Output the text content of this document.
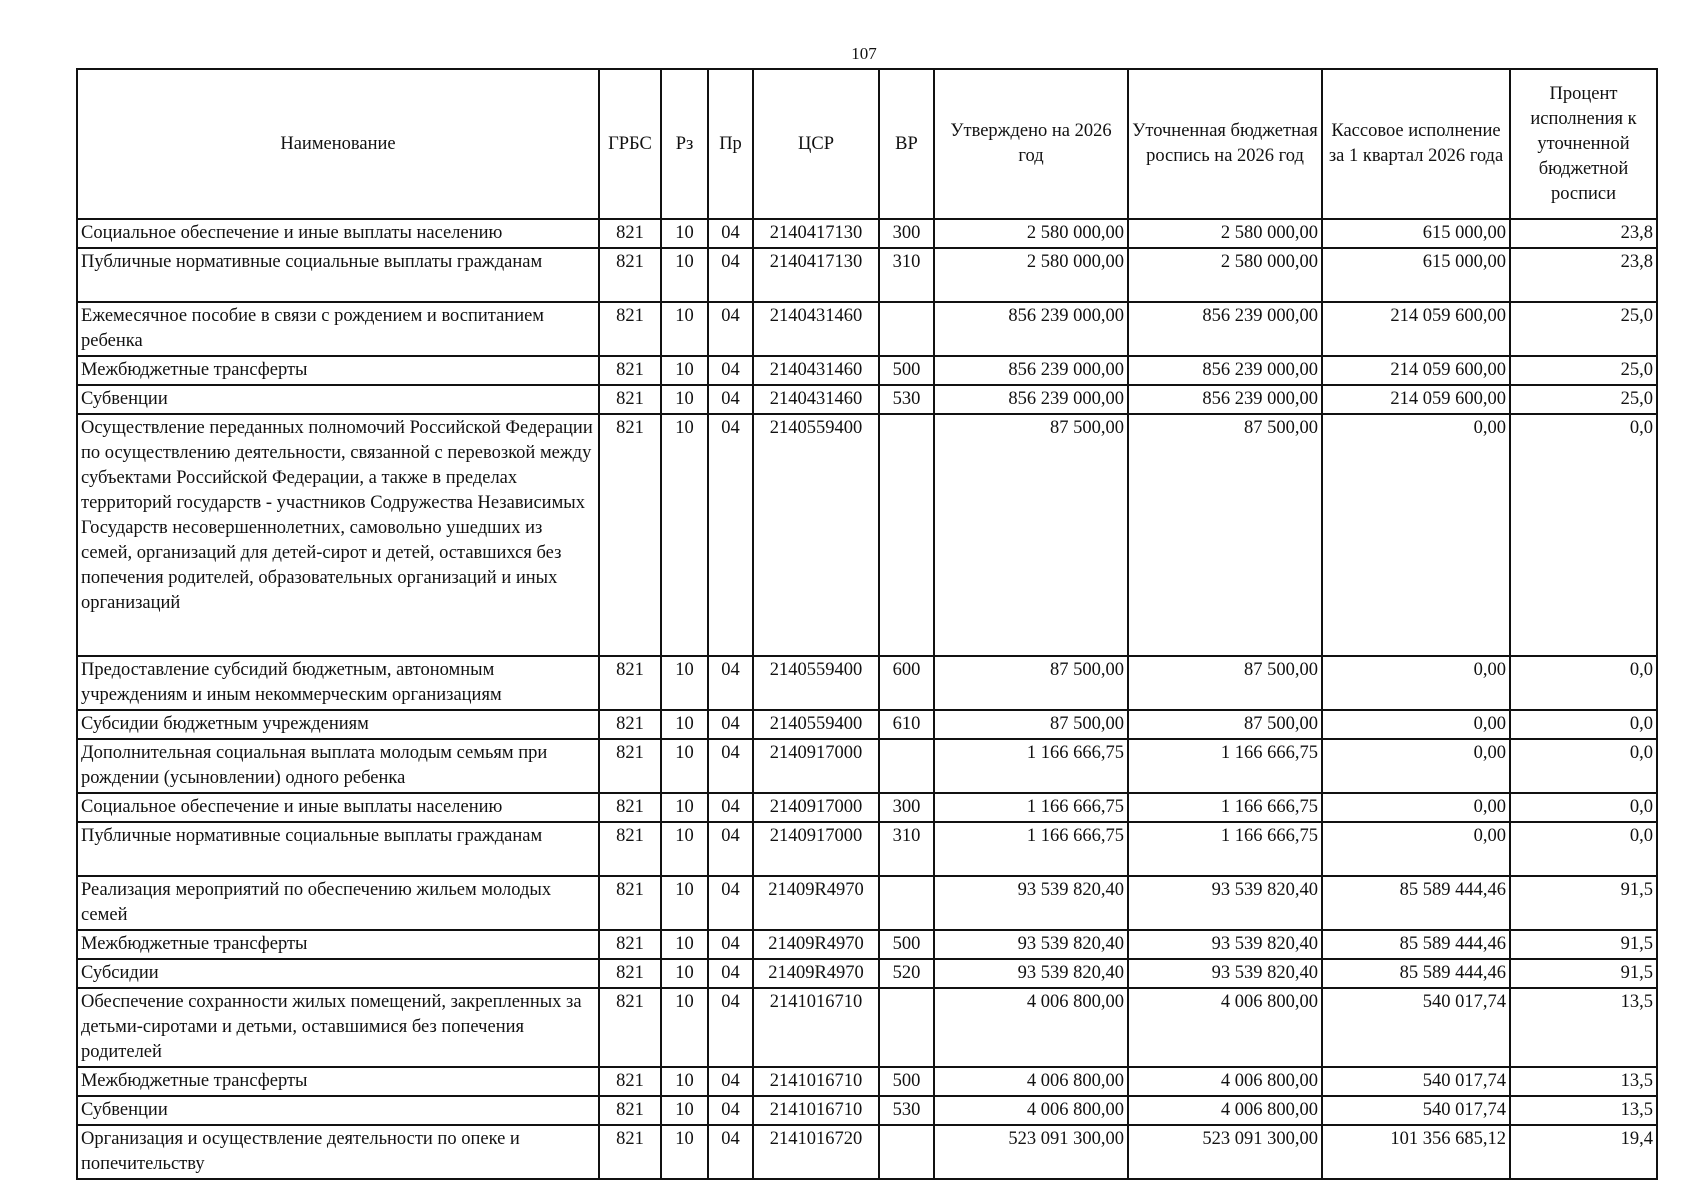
107
Наименование	ГРБС	Рз	Пр	ЦСР	ВР	Утверждено на 2026 год	Уточненная бюджетная роспись на 2026 год	Кассовое исполнение за 1 квартал 2026 года	Процент исполнения к уточненной бюджетной росписи
Социальное обеспечение и иные выплаты населению	821	10	04	2140417130	300	2 580 000,00	2 580 000,00	615 000,00	23,8
Публичные нормативные социальные выплаты гражданам	821	10	04	2140417130	310	2 580 000,00	2 580 000,00	615 000,00	23,8
Ежемесячное пособие в связи с рождением и воспитанием ребенка	821	10	04	2140431460		856 239 000,00	856 239 000,00	214 059 600,00	25,0
Межбюджетные трансферты	821	10	04	2140431460	500	856 239 000,00	856 239 000,00	214 059 600,00	25,0
Субвенции	821	10	04	2140431460	530	856 239 000,00	856 239 000,00	214 059 600,00	25,0
Осуществление переданных полномочий Российской Федерации по осуществлению деятельности, связанной с перевозкой между субъектами Российской Федерации, а также в пределах территорий государств - участников Содружества Независимых Государств несовершеннолетних, самовольно ушедших из семей, организаций для детей-сирот и детей, оставшихся без попечения родителей, образовательных организаций и иных организаций	821	10	04	2140559400		87 500,00	87 500,00	0,00	0,0
Предоставление субсидий бюджетным, автономным учреждениям и иным некоммерческим организациям	821	10	04	2140559400	600	87 500,00	87 500,00	0,00	0,0
Субсидии бюджетным учреждениям	821	10	04	2140559400	610	87 500,00	87 500,00	0,00	0,0
Дополнительная социальная выплата молодым семьям при рождении (усыновлении) одного ребенка	821	10	04	2140917000		1 166 666,75	1 166 666,75	0,00	0,0
Социальное обеспечение и иные выплаты населению	821	10	04	2140917000	300	1 166 666,75	1 166 666,75	0,00	0,0
Публичные нормативные социальные выплаты гражданам	821	10	04	2140917000	310	1 166 666,75	1 166 666,75	0,00	0,0
Реализация мероприятий по обеспечению жильем молодых семей	821	10	04	21409R4970		93 539 820,40	93 539 820,40	85 589 444,46	91,5
Межбюджетные трансферты	821	10	04	21409R4970	500	93 539 820,40	93 539 820,40	85 589 444,46	91,5
Субсидии	821	10	04	21409R4970	520	93 539 820,40	93 539 820,40	85 589 444,46	91,5
Обеспечение сохранности жилых помещений, закрепленных за детьми-сиротами и детьми, оставшимися без попечения родителей	821	10	04	2141016710		4 006 800,00	4 006 800,00	540 017,74	13,5
Межбюджетные трансферты	821	10	04	2141016710	500	4 006 800,00	4 006 800,00	540 017,74	13,5
Субвенции	821	10	04	2141016710	530	4 006 800,00	4 006 800,00	540 017,74	13,5
Организация и осуществление деятельности по опеке и попечительству	821	10	04	2141016720		523 091 300,00	523 091 300,00	101 356 685,12	19,4
